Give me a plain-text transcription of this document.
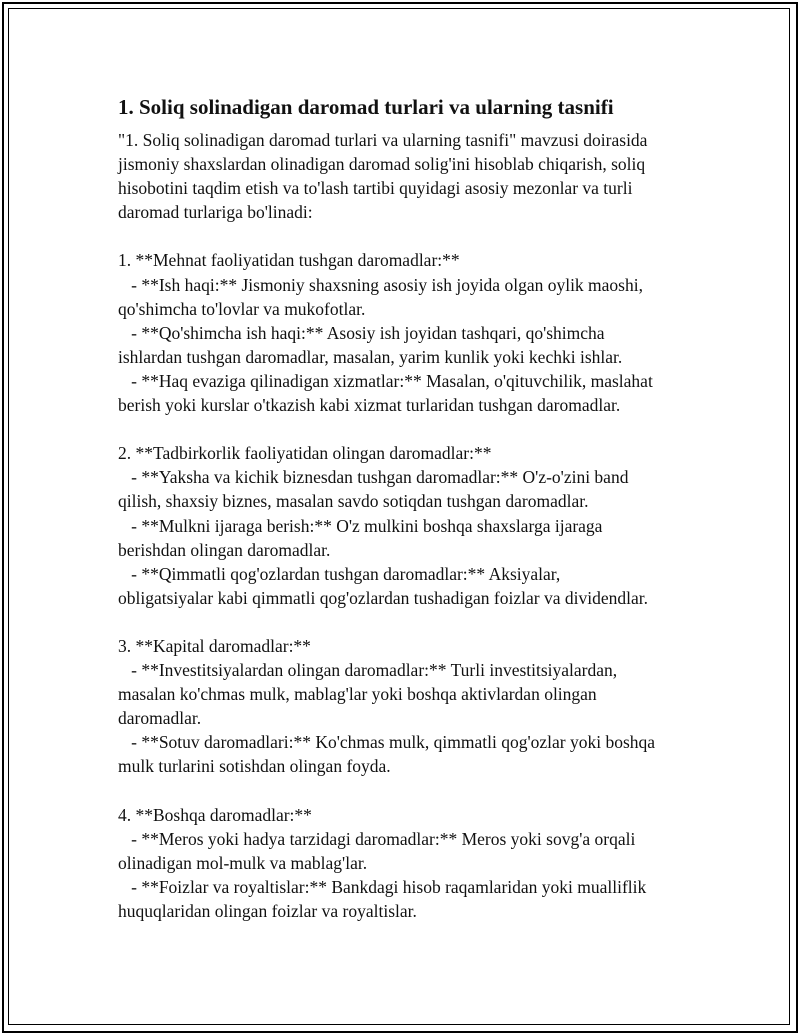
1. Soliq solinadigan daromad turlari va ularning tasnifi
"1. Soliq solinadigan daromad turlari va ularning tasnifi" mavzusi doirasida
jismoniy shaxslardan olinadigan daromad solig'ini hisoblab chiqarish, soliq
hisobotini taqdim etish va to'lash tartibi quyidagi asosiy mezonlar va turli
daromad turlariga bo'linadi:
1. **Mehnat faoliyatidan tushgan daromadlar:**
- **Ish haqi:** Jismoniy shaxsning asosiy ish joyida olgan oylik maoshi,
qo'shimcha to'lovlar va mukofotlar.
- **Qo'shimcha ish haqi:** Asosiy ish joyidan tashqari, qo'shimcha
ishlardan tushgan daromadlar, masalan, yarim kunlik yoki kechki ishlar.
- **Haq evaziga qilinadigan xizmatlar:** Masalan, o'qituvchilik, maslahat
berish yoki kurslar o'tkazish kabi xizmat turlaridan tushgan daromadlar.
2. **Tadbirkorlik faoliyatidan olingan daromadlar:**
- **Yaksha va kichik biznesdan tushgan daromadlar:** O'z-o'zini band
qilish, shaxsiy biznes, masalan savdo sotiqdan tushgan daromadlar.
- **Mulkni ijaraga berish:** O'z mulkini boshqa shaxslarga ijaraga
berishdan olingan daromadlar.
- **Qimmatli qog'ozlardan tushgan daromadlar:** Aksiyalar,
obligatsiyalar kabi qimmatli qog'ozlardan tushadigan foizlar va dividendlar.
3. **Kapital daromadlar:**
- **Investitsiyalardan olingan daromadlar:** Turli investitsiyalardan,
masalan ko'chmas mulk, mablag'lar yoki boshqa aktivlardan olingan
daromadlar.
- **Sotuv daromadlari:** Ko'chmas mulk, qimmatli qog'ozlar yoki boshqa
mulk turlarini sotishdan olingan foyda.
4. **Boshqa daromadlar:**
- **Meros yoki hadya tarzidagi daromadlar:** Meros yoki sovg'a orqali
olinadigan mol-mulk va mablag'lar.
- **Foizlar va royaltislar:** Bankdagi hisob raqamlaridan yoki mualliflik
huquqlaridan olingan foizlar va royaltislar.
